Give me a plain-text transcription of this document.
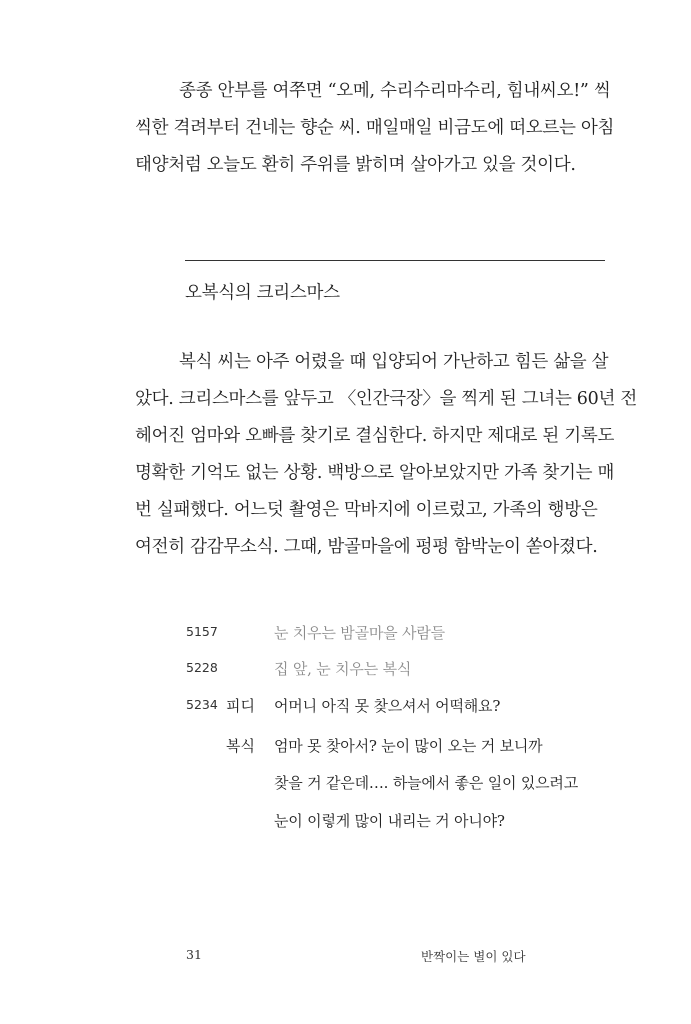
종종 안부를 여쭈면 “오메, 수리수리마수리, 힘내씨오!” 씩
씩한 격려부터 건네는 향순 씨. 매일매일 비금도에 떠오르는 아침
태양처럼 오늘도 환히 주위를 밝히며 살아가고 있을 것이다.
오복식의 크리스마스
복식 씨는 아주 어렸을 때 입양되어 가난하고 힘든 삶을 살
았다. 크리스마스를 앞두고 〈인간극장〉을 찍게 된 그녀는 60년 전
헤어진 엄마와 오빠를 찾기로 결심한다. 하지만 제대로 된 기록도
명확한 기억도 없는 상황. 백방으로 알아보았지만 가족 찾기는 매
번 실패했다. 어느덧 촬영은 막바지에 이르렀고, 가족의 행방은
여전히 감감무소식. 그때, 밤골마을에 펑펑 함박눈이 쏟아졌다.
5157	눈 치우는 밤골마을 사람들
5228	집 앞, 눈 치우는 복식
5234 피디 어머니 아직 못 찾으셔서 어떡해요?
복식 엄마 못 찾아서? 눈이 많이 오는 거 보니까
찾을 거 같은데…. 하늘에서 좋은 일이 있으려고
눈이 이렇게 많이 내리는 거 아니야?
31	반짝이는 별이 있다
